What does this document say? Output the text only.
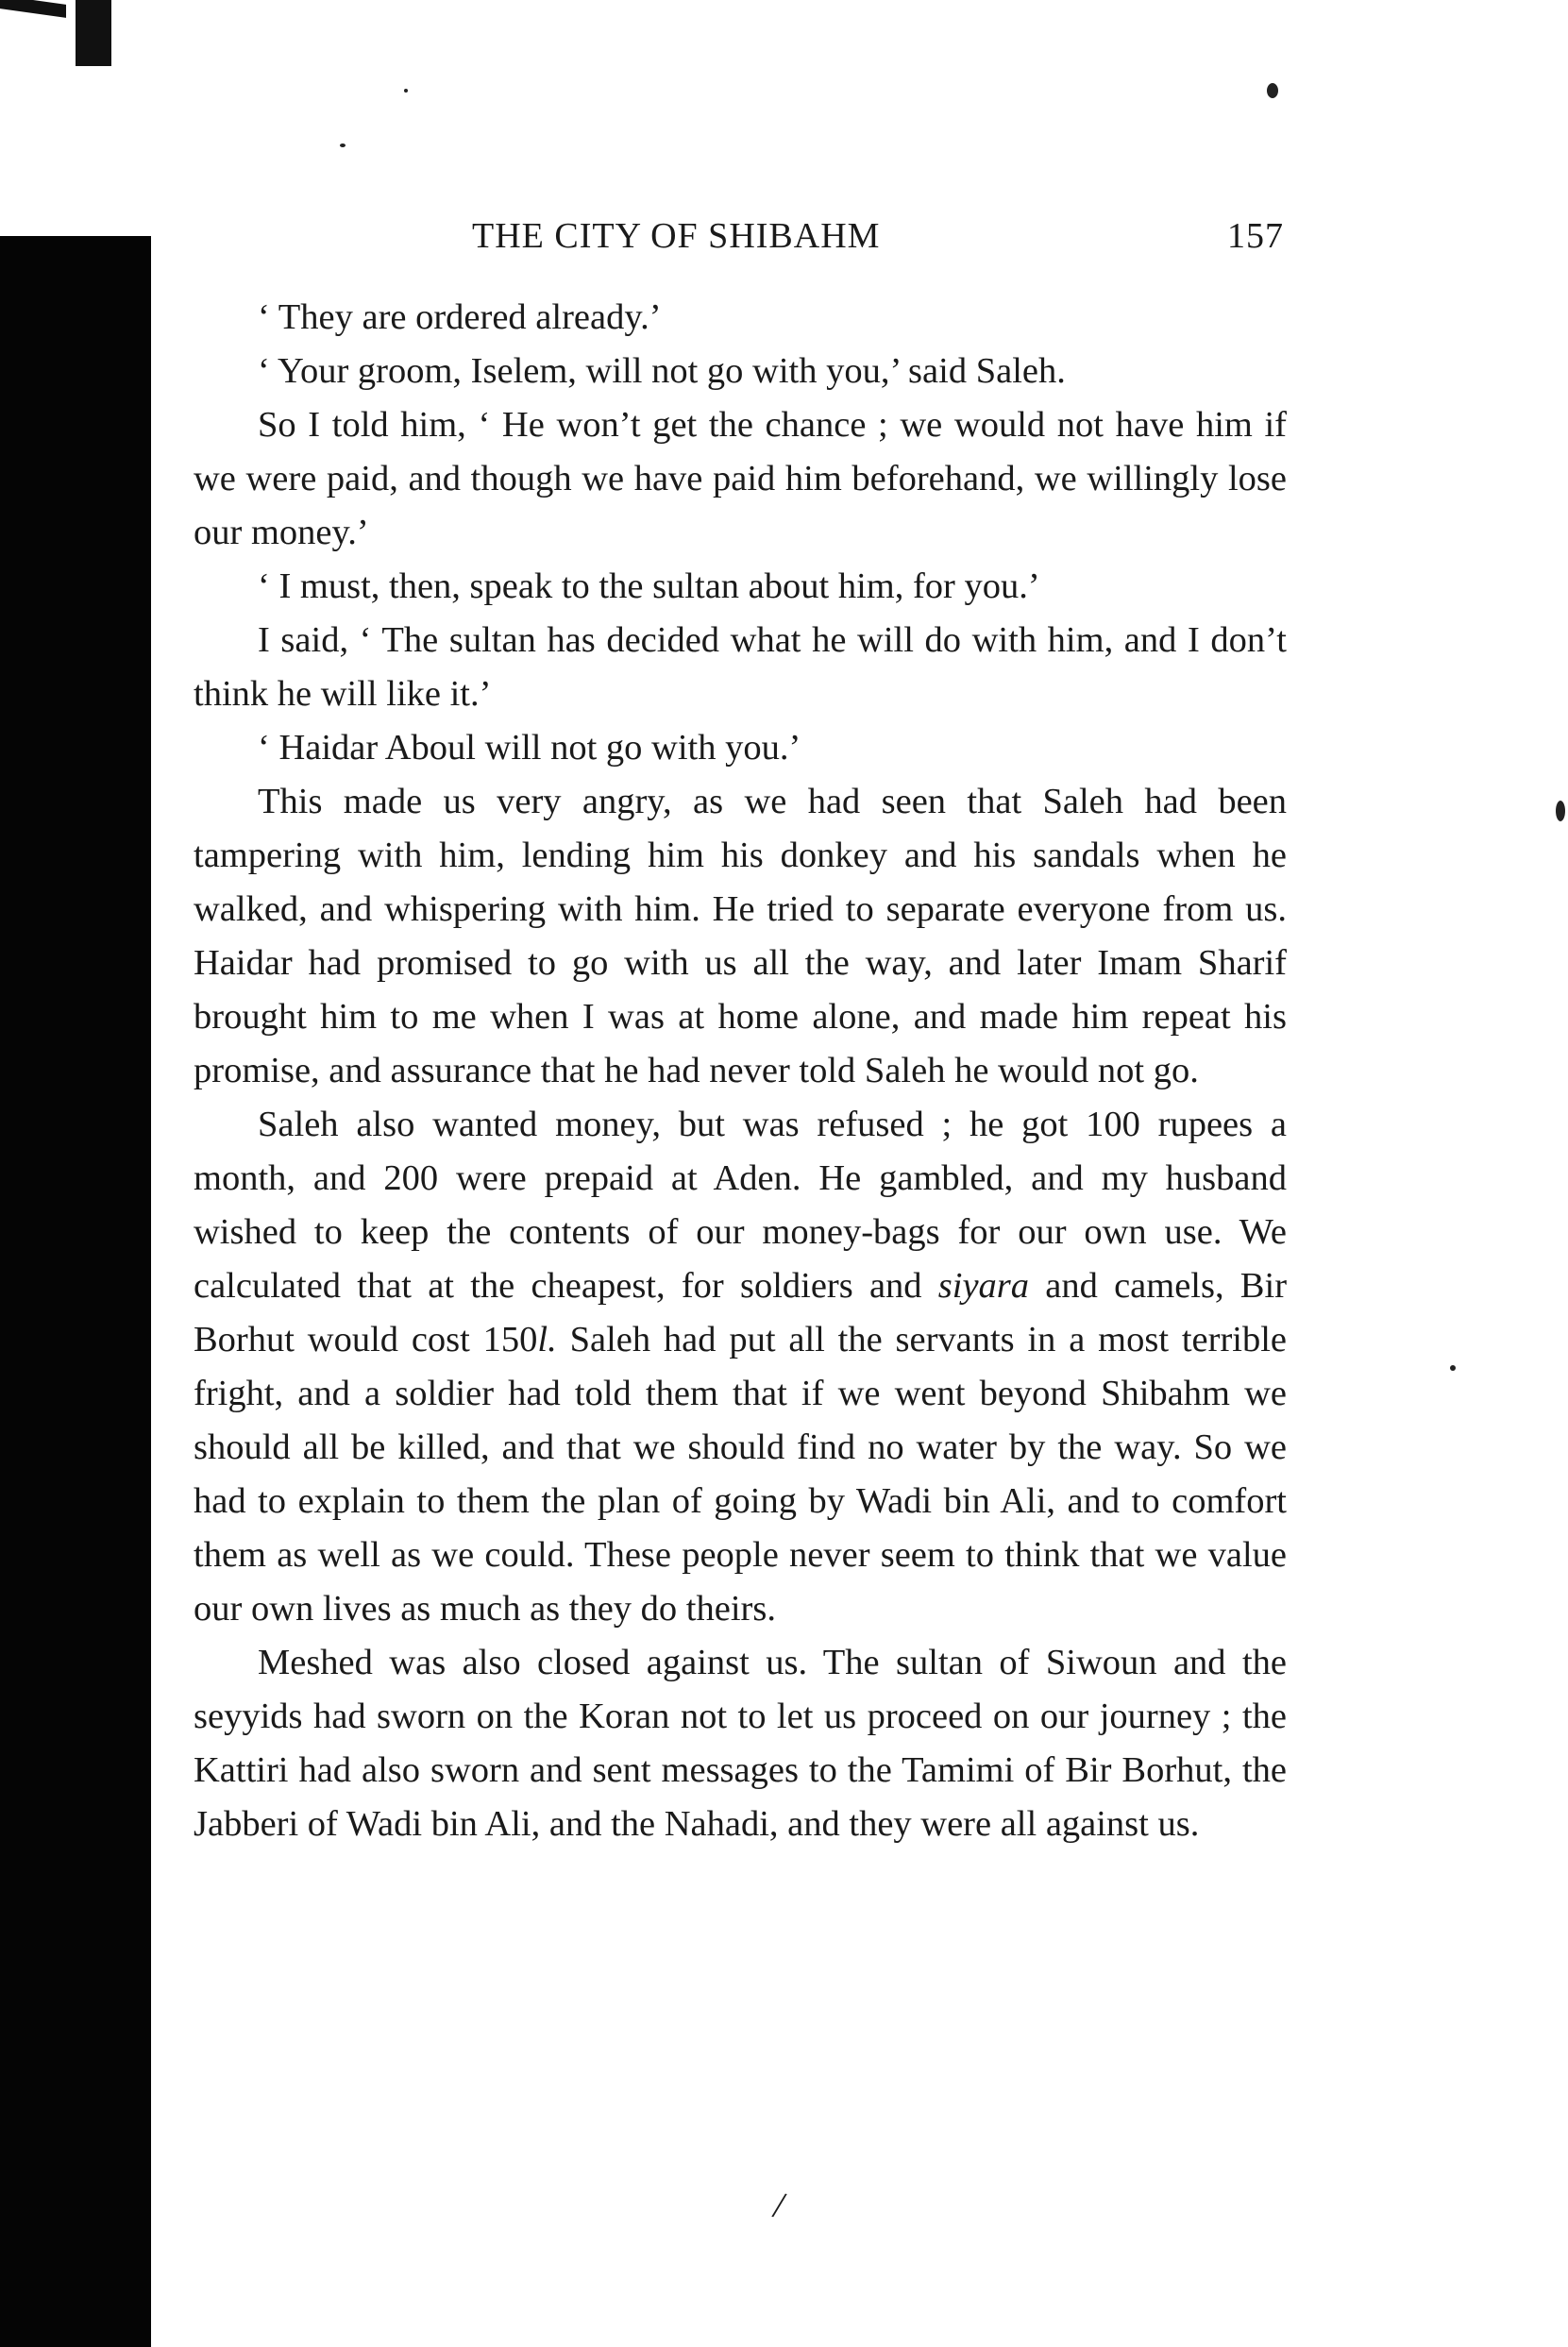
THE CITY OF SHIBAHM	157

‘ They are ordered already.’

‘ Your groom, Iselem, will not go with you,’ said Saleh.

So I told him, ‘ He won’t get the chance ; we would not have him if we were paid, and though we have paid him beforehand, we willingly lose our money.’

‘ I must, then, speak to the sultan about him, for you.’

I said, ‘ The sultan has decided what he will do with him, and I don’t think he will like it.’

‘ Haidar Aboul will not go with you.’

This made us very angry, as we had seen that Saleh had been tampering with him, lending him his donkey and his sandals when he walked, and whispering with him. He tried to separate everyone from us. Haidar had promised to go with us all the way, and later Imam Sharif brought him to me when I was at home alone, and made him repeat his promise, and assurance that he had never told Saleh he would not go.

Saleh also wanted money, but was refused ; he got 100 rupees a month, and 200 were prepaid at Aden. He gambled, and my husband wished to keep the contents of our money-bags for our own use. We calculated that at the cheapest, for soldiers and siyara and camels, Bir Borhut would cost 150l. Saleh had put all the servants in a most terrible fright, and a soldier had told them that if we went beyond Shibahm we should all be killed, and that we should find no water by the way. So we had to explain to them the plan of going by Wadi bin Ali, and to comfort them as well as we could. These people never seem to think that we value our own lives as much as they do theirs.

Meshed was also closed against us. The sultan of Siwoun and the seyyids had sworn on the Koran not to let us proceed on our journey ; the Kattiri had also sworn and sent messages to the Tamimi of Bir Borhut, the Jabberi of Wadi bin Ali, and the Nahadi, and they were all against us.

/
